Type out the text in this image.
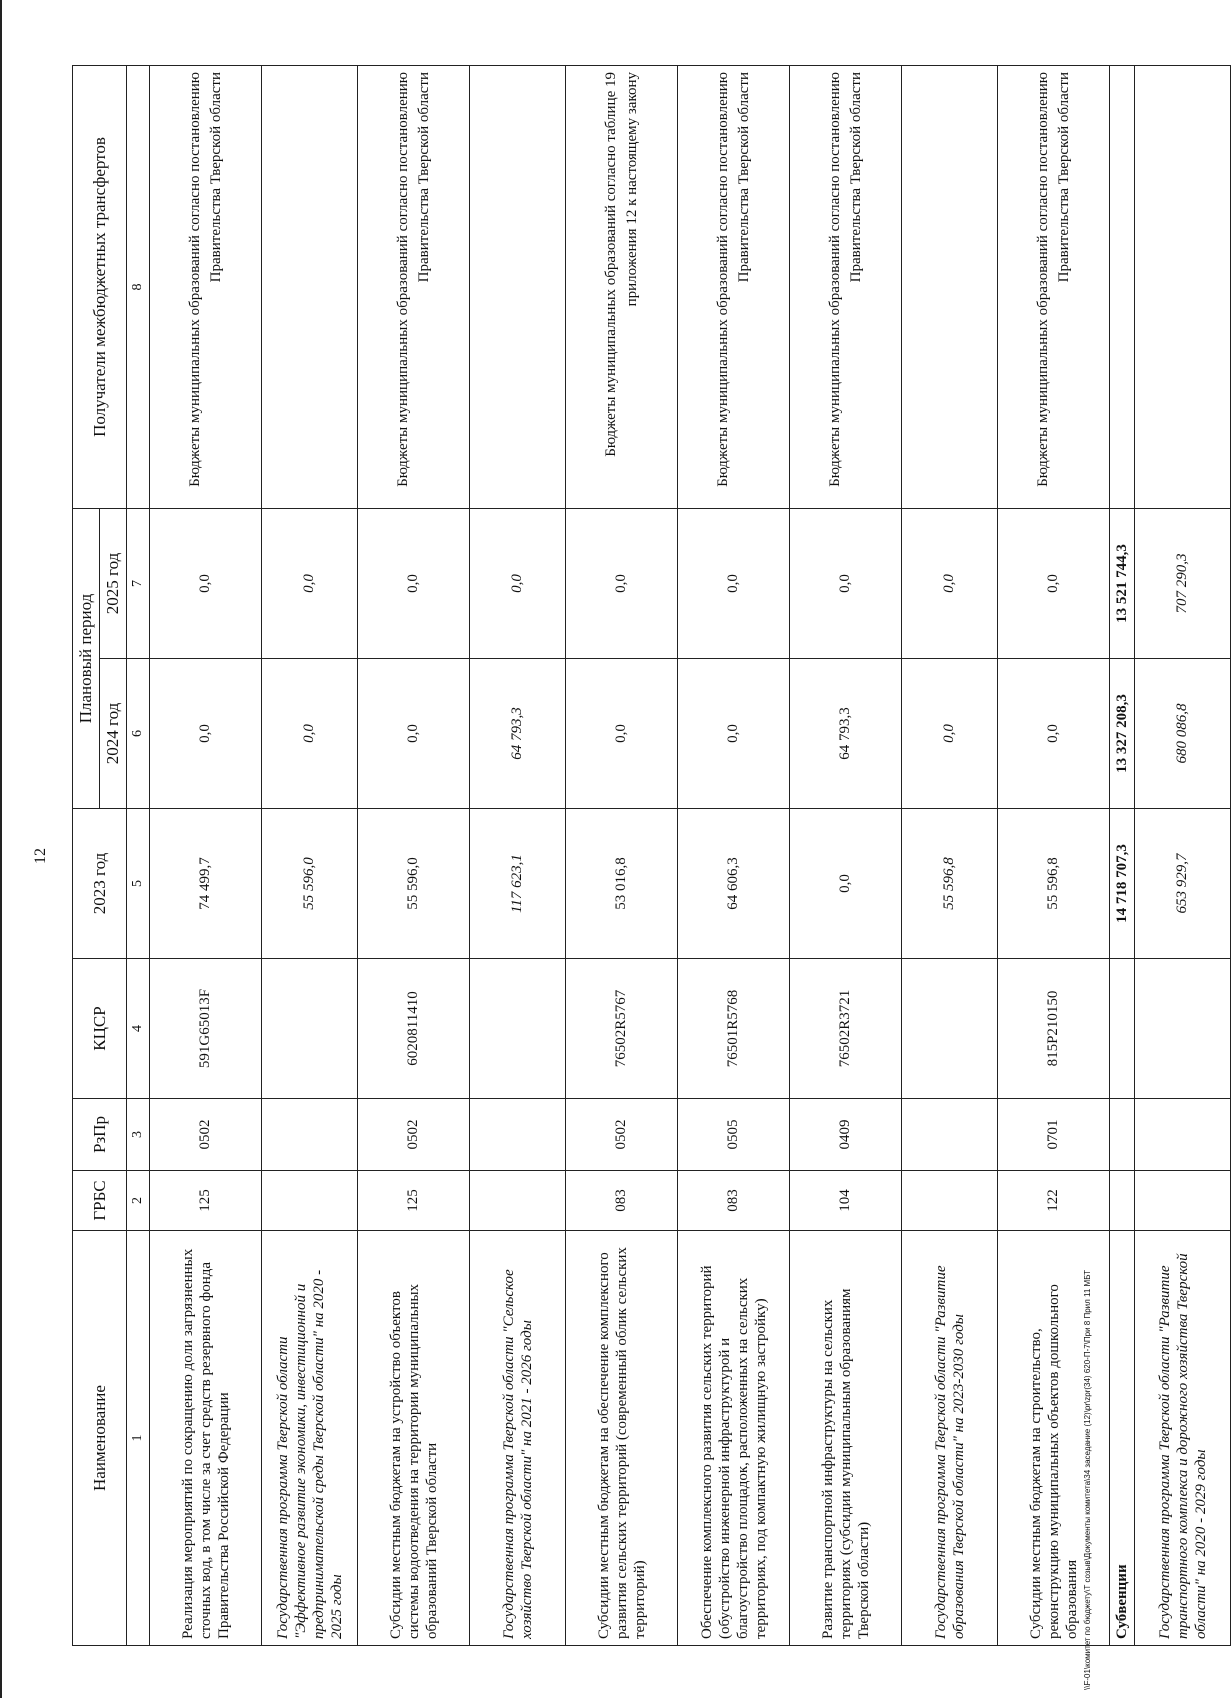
12
Наименование	ГРБС	РзПр	КЦСР	2023 год	Плановый период		Получатели межбюджетных трансфертов
					2024 год	2025 год	
1	2	3	4	5	6	7	8
Реализация мероприятий по сокращению доли загрязненных сточных вод, в том числе за счет средств резервного фонда Правительства Российской Федерации	125	0502	591G65013F	74 499,7	0,0	0,0	Бюджеты муниципальных образований согласно постановлению Правительства Тверской области
Государственная программа Тверской области "Эффективное развитие экономики, инвестиционной и предпринимательской среды Тверской области" на 2020 - 2025 годы				55 596,0	0,0	0,0	
Субсидии местным бюджетам на устройство объектов системы водоотведения на территории муниципальных образований Тверской области	125	0502	6020811410	55 596,0	0,0	0,0	Бюджеты муниципальных образований согласно постановлению Правительства Тверской области
Государственная программа Тверской области "Сельское хозяйство Тверской области" на 2021 - 2026 годы				117 623,1	64 793,3	0,0	
Субсидии местным бюджетам на обеспечение комплексного развития сельских территорий (современный облик сельских территорий)	083	0502	76502R5767	53 016,8	0,0	0,0	Бюджеты муниципальных образований согласно таблице 19 приложения 12 к настоящему закону
Обеспечение комплексного развития сельских территорий (обустройство инженерной инфраструктурой и благоустройство площадок, расположенных на сельских территориях, под компактную жилищную застройку)	083	0505	76501R5768	64 606,3	0,0	0,0	Бюджеты муниципальных образований согласно постановлению Правительства Тверской области
Развитие транспортной инфраструктуры на сельских территориях (субсидии муниципальным образованиям Тверской области)	104	0409	76502R3721	0,0	64 793,3	0,0	Бюджеты муниципальных образований согласно постановлению Правительства Тверской области
Государственная программа Тверской области "Развитие образования Тверской области" на 2023-2030 годы				55 596,8	0,0	0,0	
Субсидии местным бюджетам на строительство, реконструкцию муниципальных объектов дошкольного образования	122	0701	815P210150	55 596,8	0,0	0,0	Бюджеты муниципальных образований согласно постановлению Правительства Тверской области
Субвенции				14 718 707,3	13 327 208,3	13 521 744,3	
Государственная программа Тверской области "Развитие транспортного комплекса и дорожного хозяйства Тверской области" на 2020 - 2029 годы				653 929,7	680 086,8	707 290,3	
\\F-01\комитет по бюджету\Т созыв\Документы комитета\34 заседание (12)\pr\zpr(34) 620-П-7\При 8 Прил 11 МБТ
